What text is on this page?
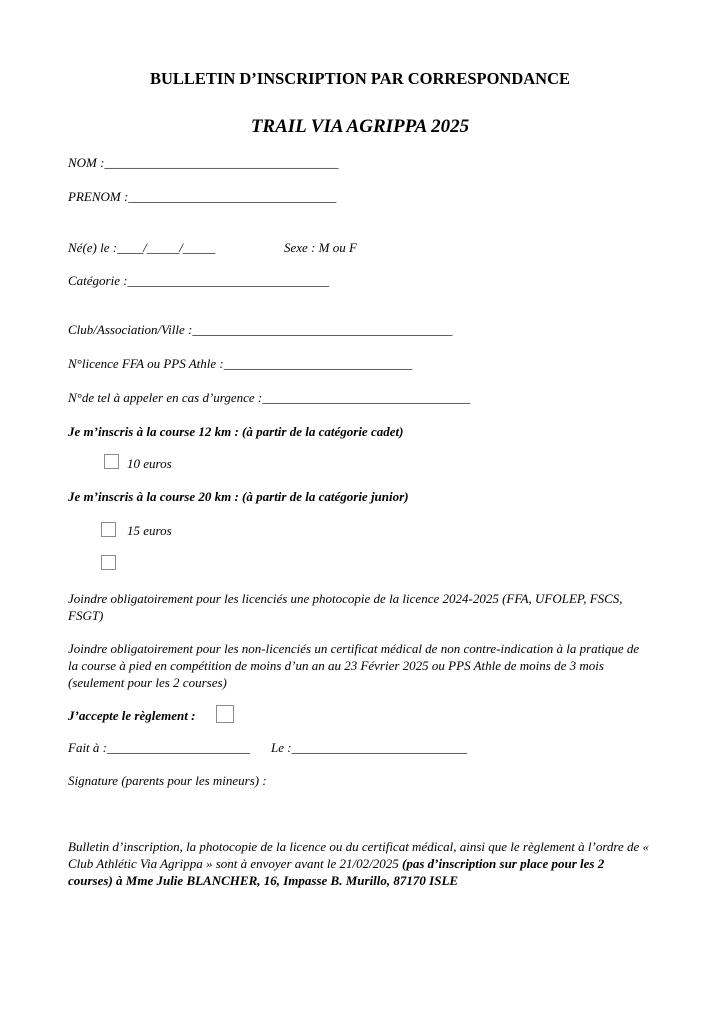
BULLETIN D’INSCRIPTION PAR CORRESPONDANCE
TRAIL VIA AGRIPPA 2025
NOM :____________________________________
PRENOM :________________________________
Né(e) le :____/_____/_____	Sexe : M ou F
Catégorie :_______________________________
Club/Association/Ville :________________________________________
N°licence FFA ou PPS Athle :_____________________________
N°de tel à appeler en cas d’urgence :________________________________
Je m’inscris à la course 12 km : (à partir de la catégorie cadet)
10 euros
Je m’inscris à la course 20 km : (à partir de la catégorie junior)
15 euros
Joindre obligatoirement pour les licenciés une photocopie de la licence 2024-2025 (FFA, UFOLEP, FSCS, FSGT)
Joindre obligatoirement pour les non-licenciés un certificat médical de non contre-indication à la pratique de la course à pied en compétition de moins d’un an au 23 Février 2025 ou PPS Athle de moins de 3 mois (seulement pour les 2 courses)
J’accepte le règlement :
Fait à :______________________ Le :___________________________
Signature (parents pour les mineurs) :
Bulletin d’inscription, la photocopie de la licence ou du certificat médical, ainsi que le règlement à l’ordre de « Club Athlétic Via Agrippa » sont à envoyer avant le 21/02/2025 (pas d’inscription sur place pour les 2 courses) à Mme Julie BLANCHER, 16, Impasse B. Murillo, 87170 ISLE
